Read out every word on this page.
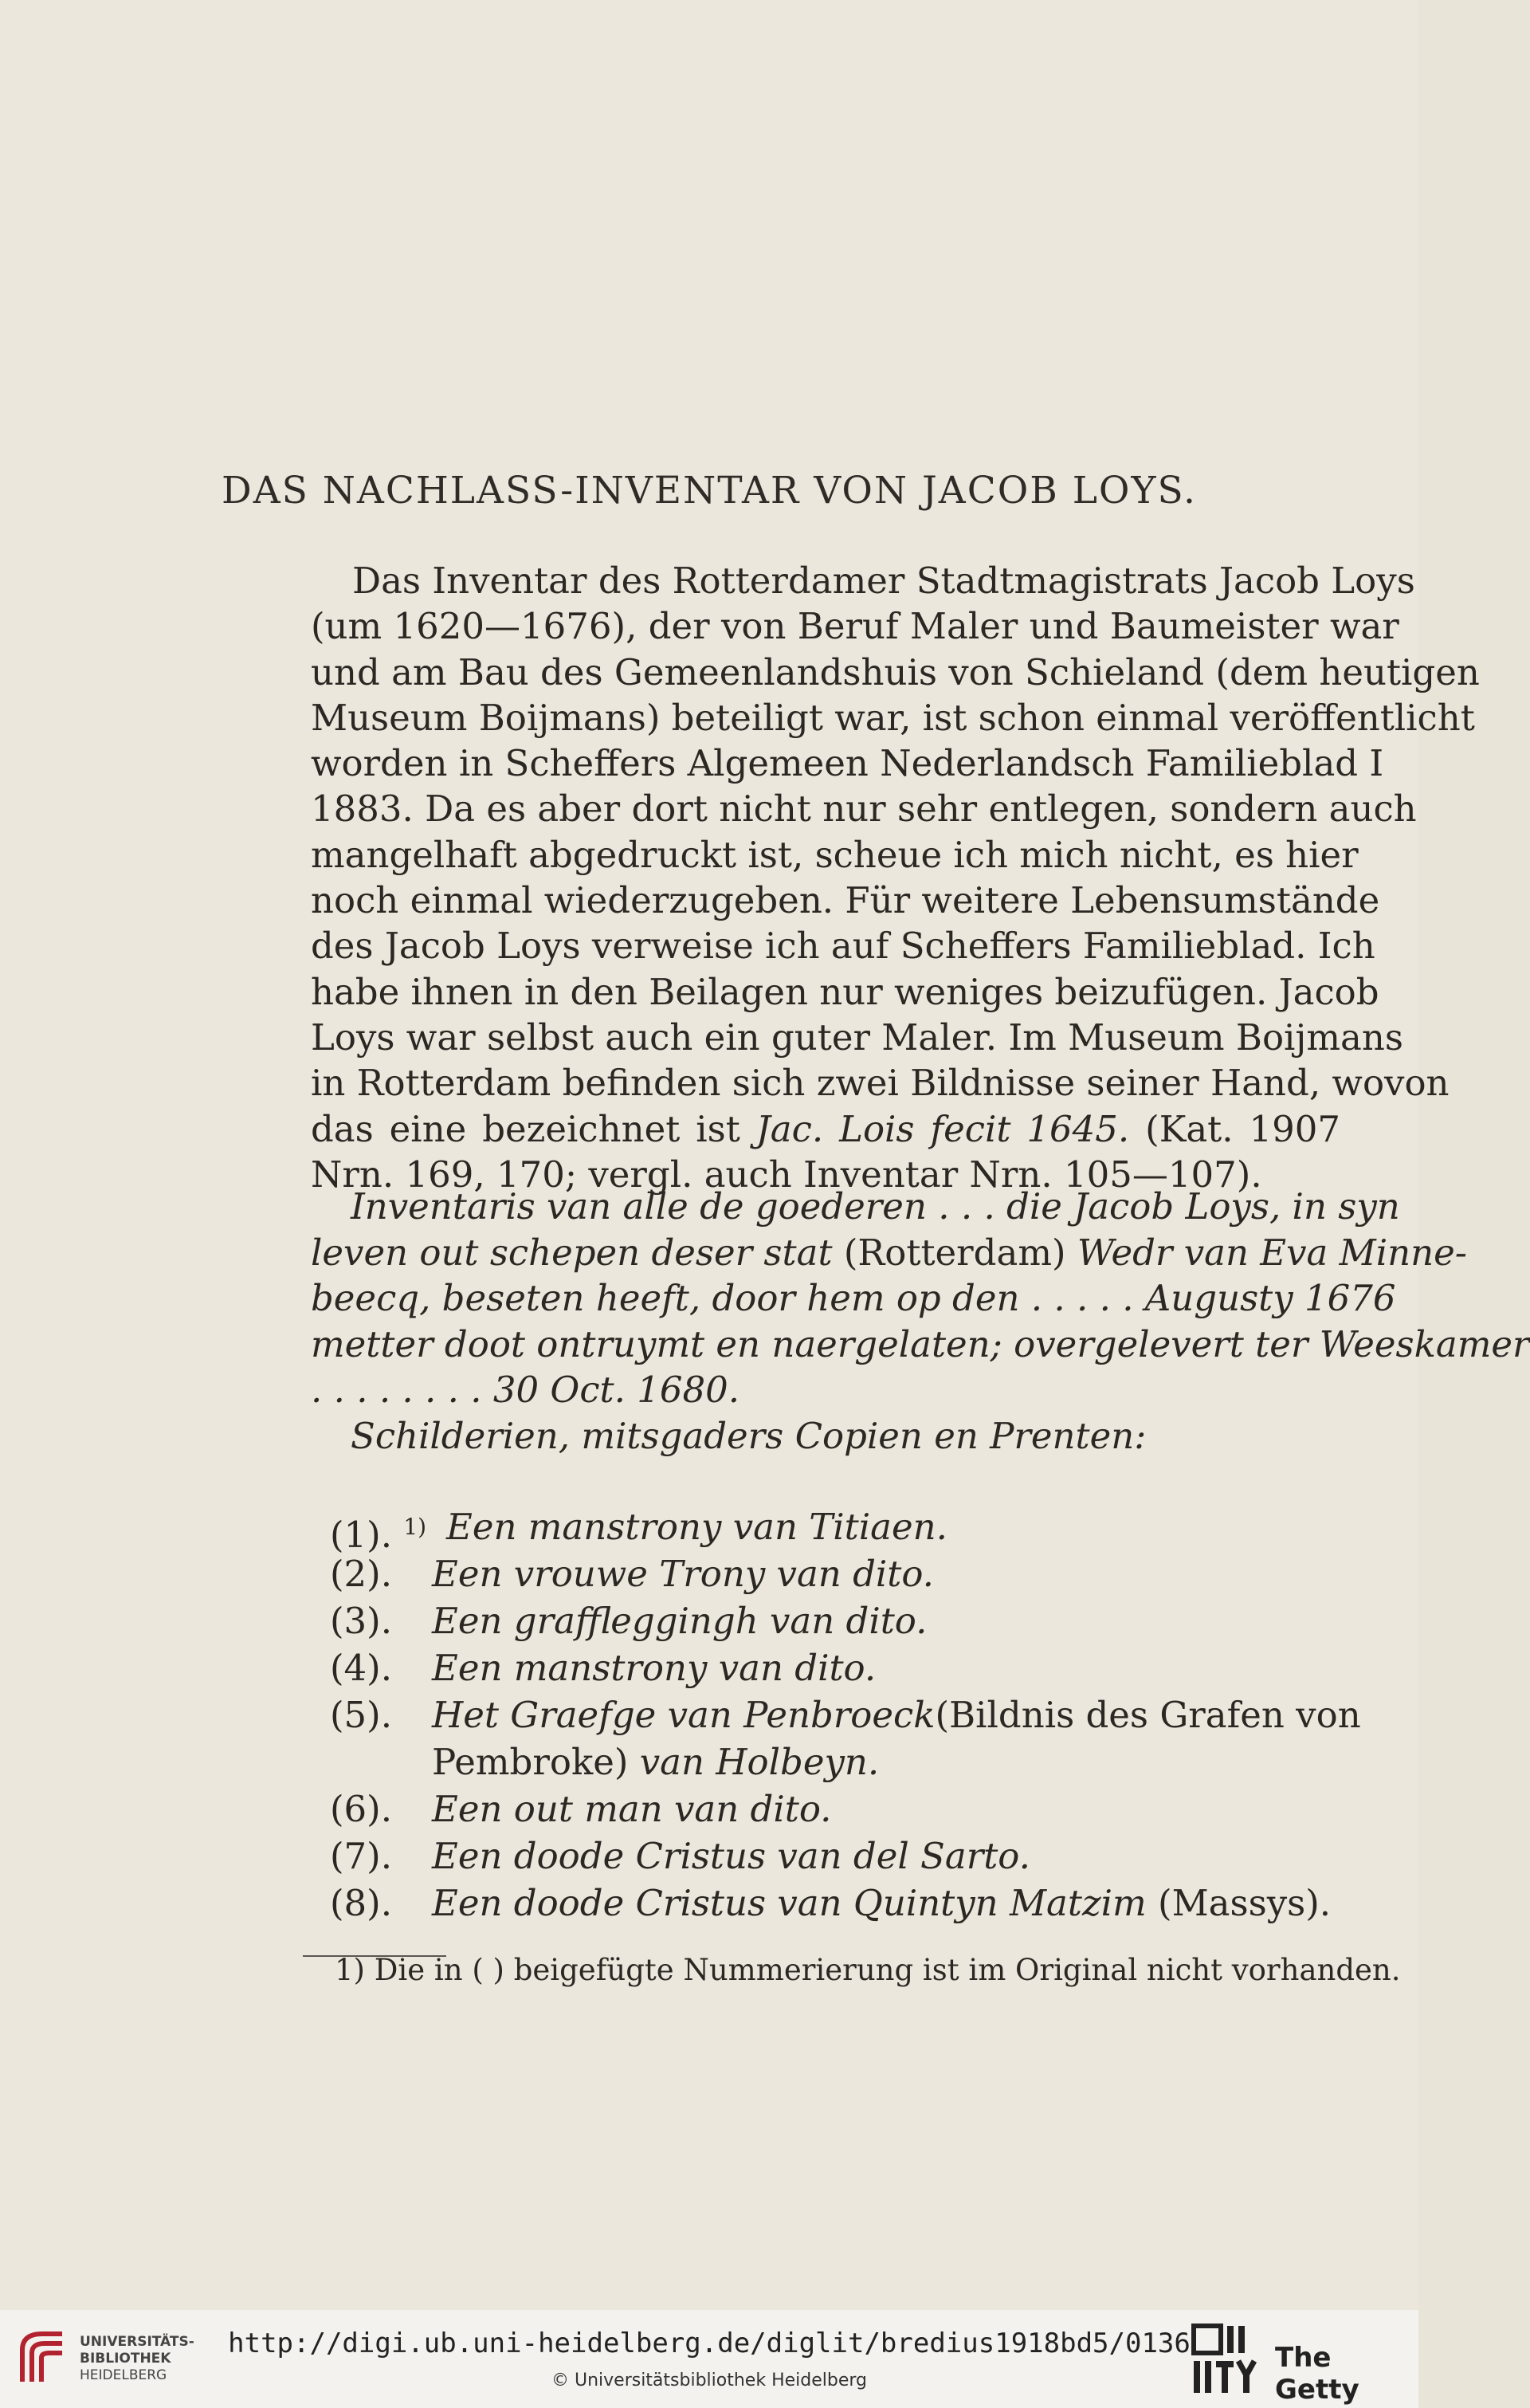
DAS NACHLASS-INVENTAR VON JACOB LOYS.
Das Inventar des Rotterdamer Stadtmagistrats Jacob Loys
(um 1620—1676), der von Beruf Maler und Baumeister war
und am Bau des Gemeenlandshuis von Schieland (dem heutigen
Museum Boijmans) beteiligt war, ist schon einmal veröffentlicht
worden in Scheffers Algemeen Nederlandsch Familieblad I
1883. Da es aber dort nicht nur sehr entlegen, sondern auch
mangelhaft abgedruckt ist, scheue ich mich nicht, es hier
noch einmal wiederzugeben. Für weitere Lebensumstände
des Jacob Loys verweise ich auf Scheffers Familieblad. Ich
habe ihnen in den Beilagen nur weniges beizufügen. Jacob
Loys war selbst auch ein guter Maler. Im Museum Boijmans
in Rotterdam befinden sich zwei Bildnisse seiner Hand, wovon
das eine bezeichnet ist Jac. Lois fecit 1645. (Kat. 1907
Nrn. 169, 170; vergl. auch Inventar Nrn. 105—107).
Inventaris van alle de goederen . . . die Jacob Loys, in syn
leven out schepen deser stat (Rotterdam) Wedr van Eva Minne-
beecq, beseten heeft, door hem op den . . . . . Augusty 1676
metter doot ontruymt en naergelaten; overgelevert ter Weeskamer
. . . . . . . . 30 Oct. 1680.
Schilderien, mitsgaders Copien en Prenten:
(1). $^{1)}$ Een manstrony van Titiaen.
(2).	Een vrouwe Trony van dito.
(3).	Een graffleggingh van dito.
(4).	Een manstrony van dito.
(5).	Het Graefge van Penbroeck (Bildnis des Grafen von
Pembroke)
van Holbeyn.
(6).	Een out man van dito.
(7).	Een doode Cristus van del Sarto.
(8).	Een doode Cristus van Quintyn Matzim
(Massys).
1) Die in ( ) beigefügte Nummerierung ist im Original nicht vorhanden.
UNIVERSITÄTS-
BIBLIOTHEK
HEIDELBERG
http://digi.ub.uni-heidelberg.de/diglit/bredius1918bd5/0136
© Universitätsbibliothek Heidelberg
The Getty
